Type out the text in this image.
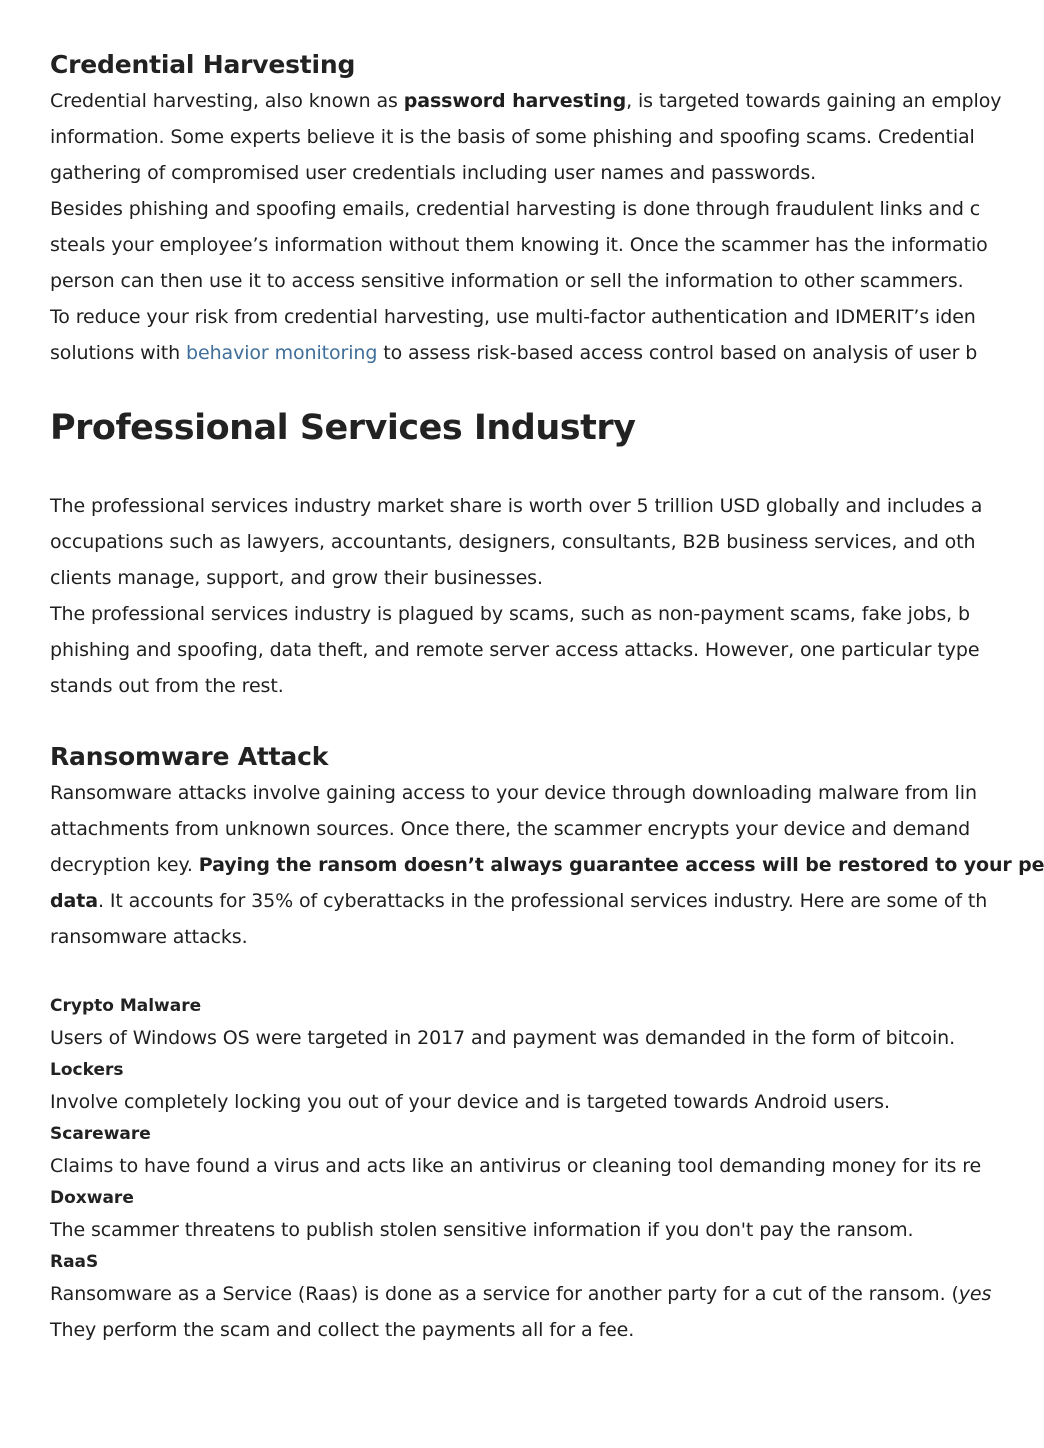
Credential Harvesting
Credential harvesting, also known as password harvesting, is targeted towards gaining an employ
information. Some experts believe it is the basis of some phishing and spoofing scams. Credential
gathering of compromised user credentials including user names and passwords.
Besides phishing and spoofing emails, credential harvesting is done through fraudulent links and c
steals your employee’s information without them knowing it. Once the scammer has the informatio
person can then use it to access sensitive information or sell the information to other scammers.
To reduce your risk from credential harvesting, use multi-factor authentication and IDMERIT’s iden
solutions with behavior monitoring to assess risk-based access control based on analysis of user b
Professional Services Industry
The professional services industry market share is worth over 5 trillion USD globally and includes a
occupations such as lawyers, accountants, designers, consultants, B2B business services, and oth
clients manage, support, and grow their businesses.
The professional services industry is plagued by scams, such as non-payment scams, fake jobs, b
phishing and spoofing, data theft, and remote server access attacks. However, one particular type
stands out from the rest.
Ransomware Attack
Ransomware attacks involve gaining access to your device through downloading malware from lin
attachments from unknown sources. Once there, the scammer encrypts your device and demand
decryption key. Paying the ransom doesn’t always guarantee access will be restored to your pe
data. It accounts for 35% of cyberattacks in the professional services industry. Here are some of th
ransomware attacks.
Crypto Malware
Users of Windows OS were targeted in 2017 and payment was demanded in the form of bitcoin.
Lockers
Involve completely locking you out of your device and is targeted towards Android users.
Scareware
Claims to have found a virus and acts like an antivirus or cleaning tool demanding money for its re
Doxware
The scammer threatens to publish stolen sensitive information if you don't pay the ransom.
RaaS
Ransomware as a Service (Raas) is done as a service for another party for a cut of the ransom. (yes
They perform the scam and collect the payments all for a fee.
